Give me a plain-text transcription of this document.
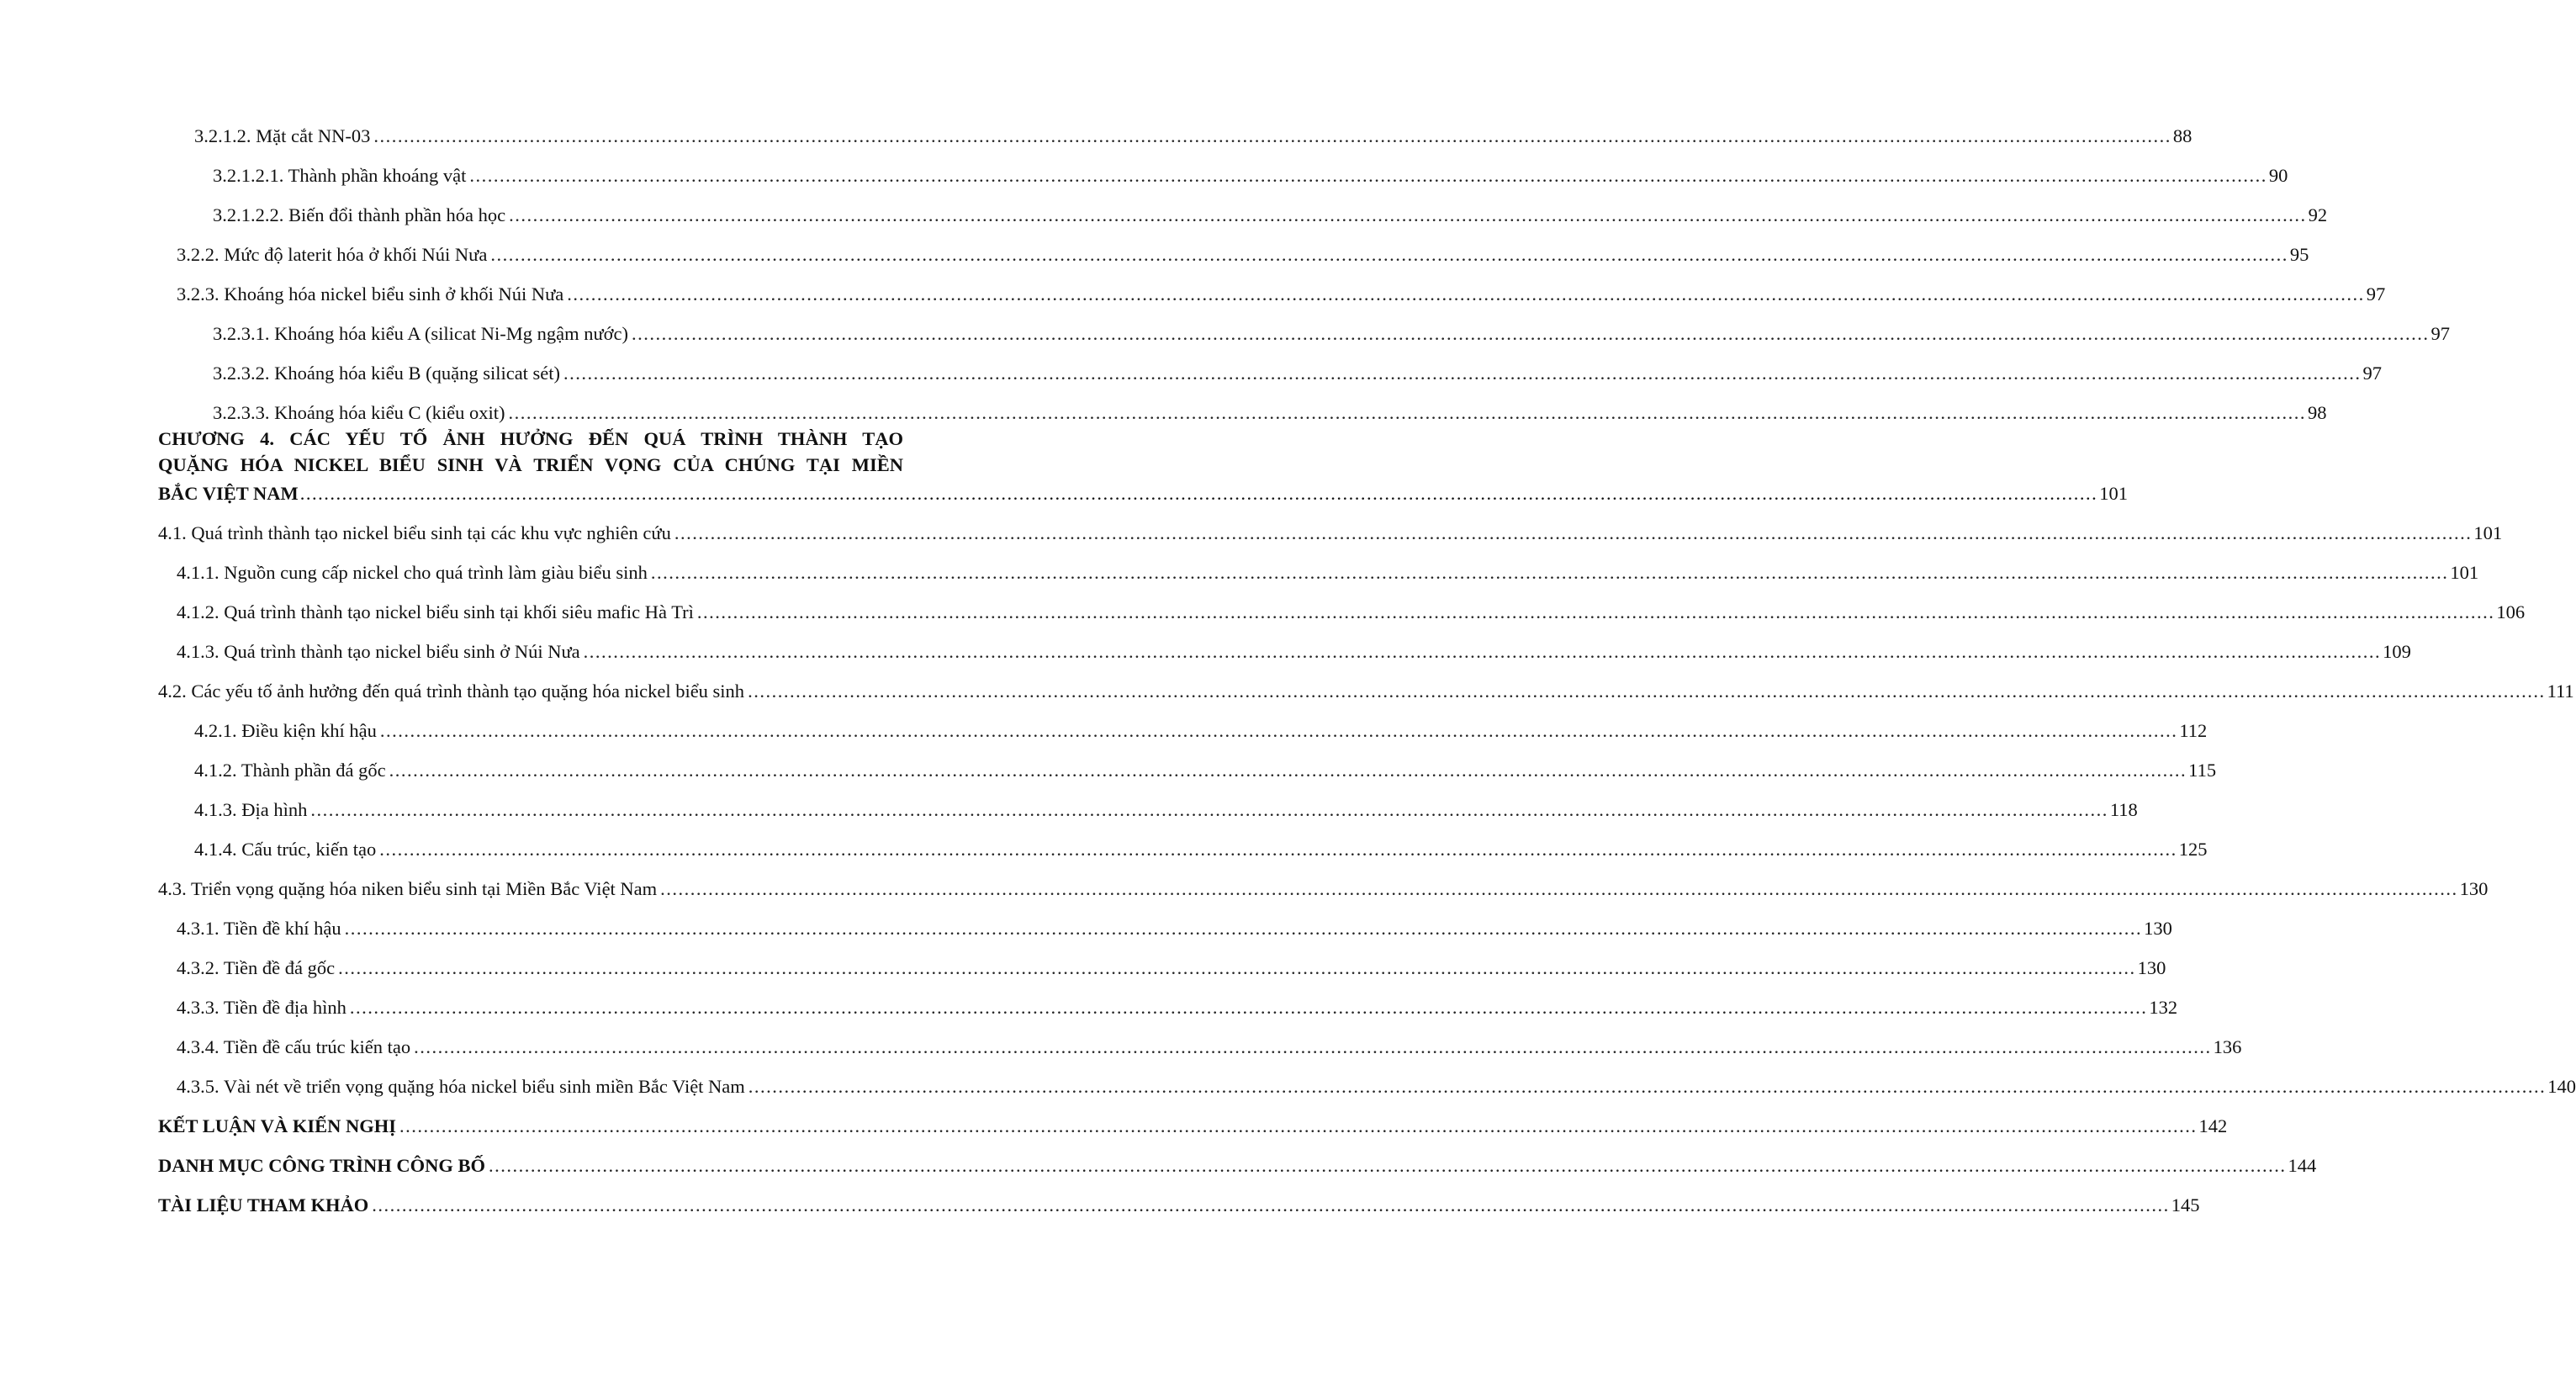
3.2.1.2. Mặt cắt NN-03 ............................................................................................................................................................................................................................................................................................................ 88
3.2.1.2.1. Thành phần khoáng vật ............................................................................................................................................................................................................................................................................................................ 90
3.2.1.2.2. Biến đổi thành phần hóa học ............................................................................................................................................................................................................................................................................................................ 92
3.2.2. Mức độ laterit hóa ở khối Núi Nưa ............................................................................................................................................................................................................................................................................................................ 95
3.2.3. Khoáng hóa nickel biểu sinh ở khối Núi Nưa ............................................................................................................................................................................................................................................................................................................ 97
3.2.3.1. Khoáng hóa kiểu A (silicat Ni-Mg ngậm nước) ............................................................................................................................................................................................................................................................................................................ 97
3.2.3.2. Khoáng hóa kiểu B (quặng silicat sét) ............................................................................................................................................................................................................................................................................................................ 97
3.2.3.3. Khoáng hóa kiểu C (kiểu oxit) ............................................................................................................................................................................................................................................................................................................ 98
CHƯƠNG 4. CÁC YẾU TỐ ẢNH HƯỞNG ĐẾN QUÁ TRÌNH THÀNH TẠO
QUẶNG HÓA NICKEL BIỂU SINH VÀ TRIỂN VỌNG CỦA CHÚNG TẠI MIỀN
BẮC VIỆT NAM ............................................................................................................................................................................................................................................................................................................ 101
4.1. Quá trình thành tạo nickel biểu sinh tại các khu vực nghiên cứu ............................................................................................................................................................................................................................................................................................................ 101
4.1.1. Nguồn cung cấp nickel cho quá trình làm giàu biểu sinh ............................................................................................................................................................................................................................................................................................................ 101
4.1.2. Quá trình thành tạo nickel biểu sinh tại khối siêu mafic Hà Trì ............................................................................................................................................................................................................................................................................................................ 106
4.1.3. Quá trình thành tạo nickel biểu sinh ở Núi Nưa ............................................................................................................................................................................................................................................................................................................ 109
4.2. Các yếu tố ảnh hưởng đến quá trình thành tạo quặng hóa nickel biểu sinh ............................................................................................................................................................................................................................................................................................................ 111
4.2.1. Điều kiện khí hậu ............................................................................................................................................................................................................................................................................................................ 112
4.1.2. Thành phần đá gốc ............................................................................................................................................................................................................................................................................................................ 115
4.1.3. Địa hình ............................................................................................................................................................................................................................................................................................................ 118
4.1.4. Cấu trúc, kiến tạo ............................................................................................................................................................................................................................................................................................................ 125
4.3. Triển vọng quặng hóa niken biểu sinh tại Miền Bắc Việt Nam ............................................................................................................................................................................................................................................................................................................ 130
4.3.1. Tiền đề khí hậu ............................................................................................................................................................................................................................................................................................................ 130
4.3.2. Tiền đề đá gốc ............................................................................................................................................................................................................................................................................................................ 130
4.3.3. Tiền đề địa hình ............................................................................................................................................................................................................................................................................................................ 132
4.3.4. Tiền đề cấu trúc kiến tạo ............................................................................................................................................................................................................................................................................................................ 136
4.3.5. Vài nét về triển vọng quặng hóa nickel biểu sinh miền Bắc Việt Nam ............................................................................................................................................................................................................................................................................................................ 140
KẾT LUẬN VÀ KIẾN NGHỊ ............................................................................................................................................................................................................................................................................................................ 142
DANH MỤC CÔNG TRÌNH CÔNG BỐ ............................................................................................................................................................................................................................................................................................................ 144
TÀI LIỆU THAM KHẢO ............................................................................................................................................................................................................................................................................................................ 145
